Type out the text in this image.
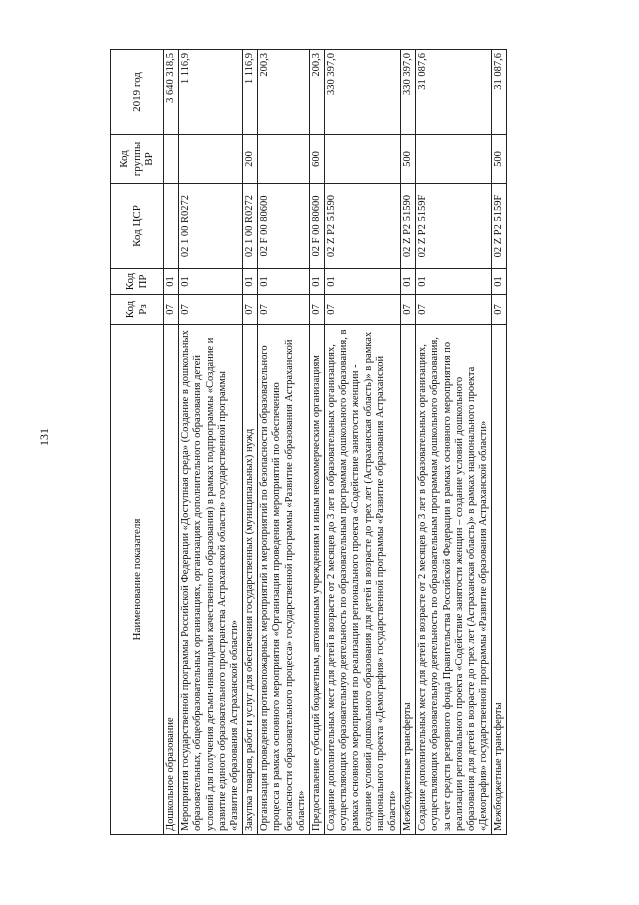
131
Наименование показателя	Код Рз	Код ПР	Код ЦСР	Код группы ВР	2019 год
Дошкольное образование	07	01			3 640 318,5
Мероприятия государственной программы Российской Федерации «Доступная среда» (Создание в дошкольных образовательных, общеобразовательных организациях, организациях дополнительного образования детей условий для получения детьми-инвалидами качественного образования) в рамках подпрограммы «Создание и развитие единого образовательного пространства Астраханской области» государственной программы «Развитие образования Астраханской области»	07	01	02 1 00 R0272		1 116,9
Закупка товаров, работ и услуг для обеспечения государственных (муниципальных) нужд	07	01	02 1 00 R0272	200	1 116,9
Организация проведения противопожарных мероприятий и мероприятий по безопасности образовательного процесса в рамках основного мероприятия «Организация проведения мероприятий по обеспечению безопасности образовательного процесса» государственной программы «Развитие образования Астраханской области»	07	01	02 F 00 80600		200,3
Предоставление субсидий бюджетным, автономным учреждениям и иным некоммерческим организациям	07	01	02 F 00 80600	600	200,3
Создание дополнительных мест для детей в возрасте от 2 месяцев до 3 лет в образовательных организациях, осуществляющих образовательную деятельность по образовательным программам дошкольного образования, в рамках основного мероприятия по реализации регионального проекта «Содействие занятости женщин - создание условий дошкольного образования для детей в возрасте до трех лет (Астраханская область)» в рамках национального проекта «Демография» государственной программы «Развитие образования Астраханской области»	07	01	02 Z P2 51590		330 397,0
Межбюджетные трансферты	07	01	02 Z P2 51590	500	330 397,0
Создание дополнительных мест для детей в возрасте от 2 месяцев до 3 лет в образовательных организациях, осуществляющих образовательную деятельность по образовательным программам дошкольного образования, за счет средств резервного фонда Правительства Российской Федерации в рамках основного мероприятия по реализации регионального проекта «Содействие занятости женщин – создание условий дошкольного образования для детей в возрасте до трех лет (Астраханская область)» в рамках национального проекта «Демография» государственной программы «Развитие образования Астраханской области»	07	01	02 Z P2 5159F		31 087,6
Межбюджетные трансферты	07	01	02 Z P2 5159F	500	31 087,6
